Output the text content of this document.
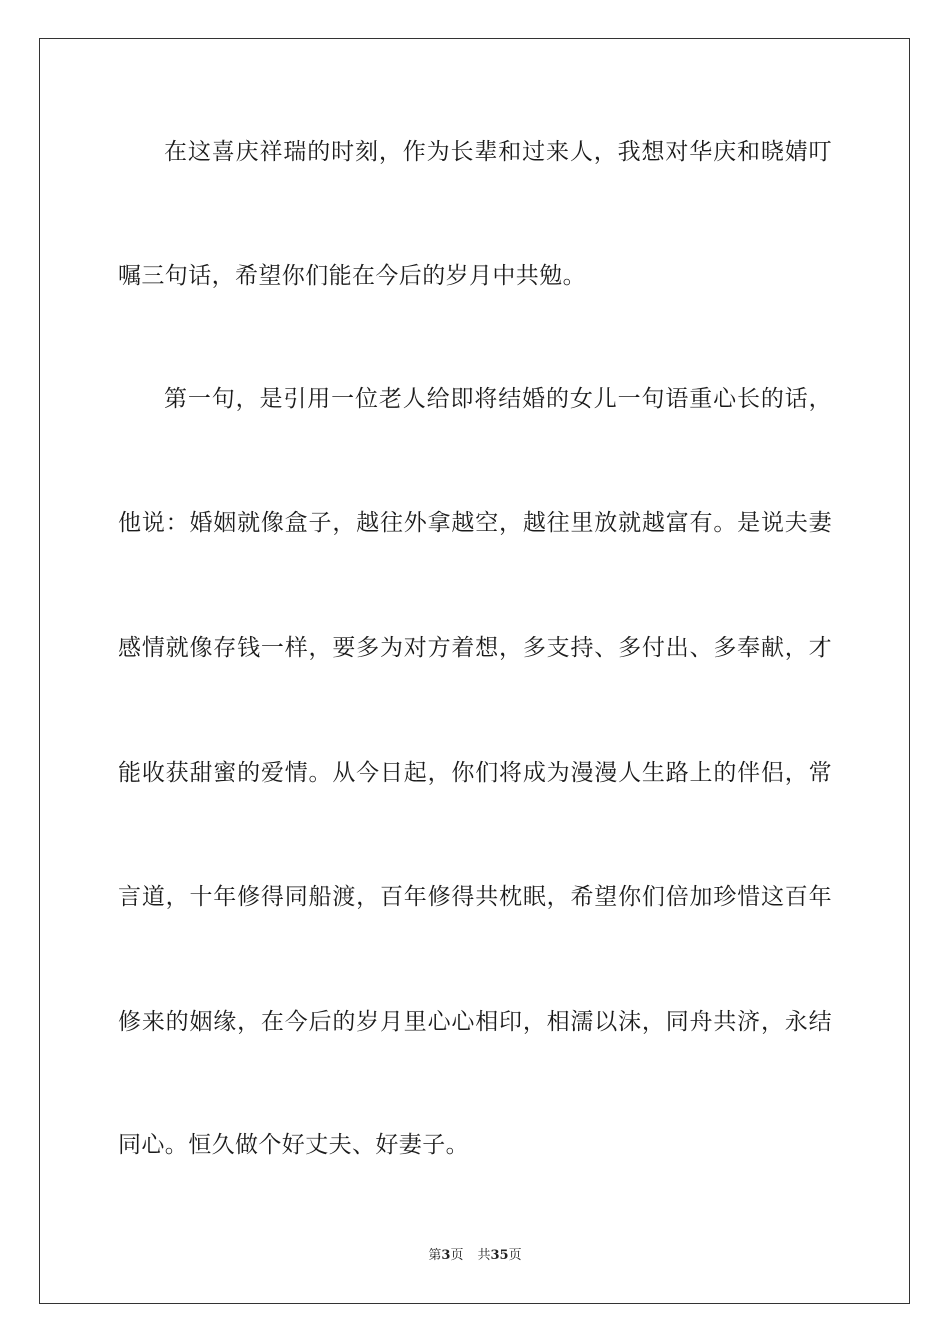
在这喜庆祥瑞的时刻，作为长辈和过来人，我想对华庆和晓婧叮
嘱三句话，希望你们能在今后的岁月中共勉。
第一句，是引用一位老人给即将结婚的女儿一句语重心长的话，
他说：婚姻就像盒子，越往外拿越空，越往里放就越富有。是说夫妻
感情就像存钱一样，要多为对方着想，多支持、多付出、多奉献，才
能收获甜蜜的爱情。从今日起，你们将成为漫漫人生路上的伴侣，常
言道，十年修得同船渡，百年修得共枕眠，希望你们倍加珍惜这百年
修来的姻缘，在今后的岁月里心心相印，相濡以沫，同舟共济，永结
同心。恒久做个好丈夫、好妻子。
第3页 共35页
